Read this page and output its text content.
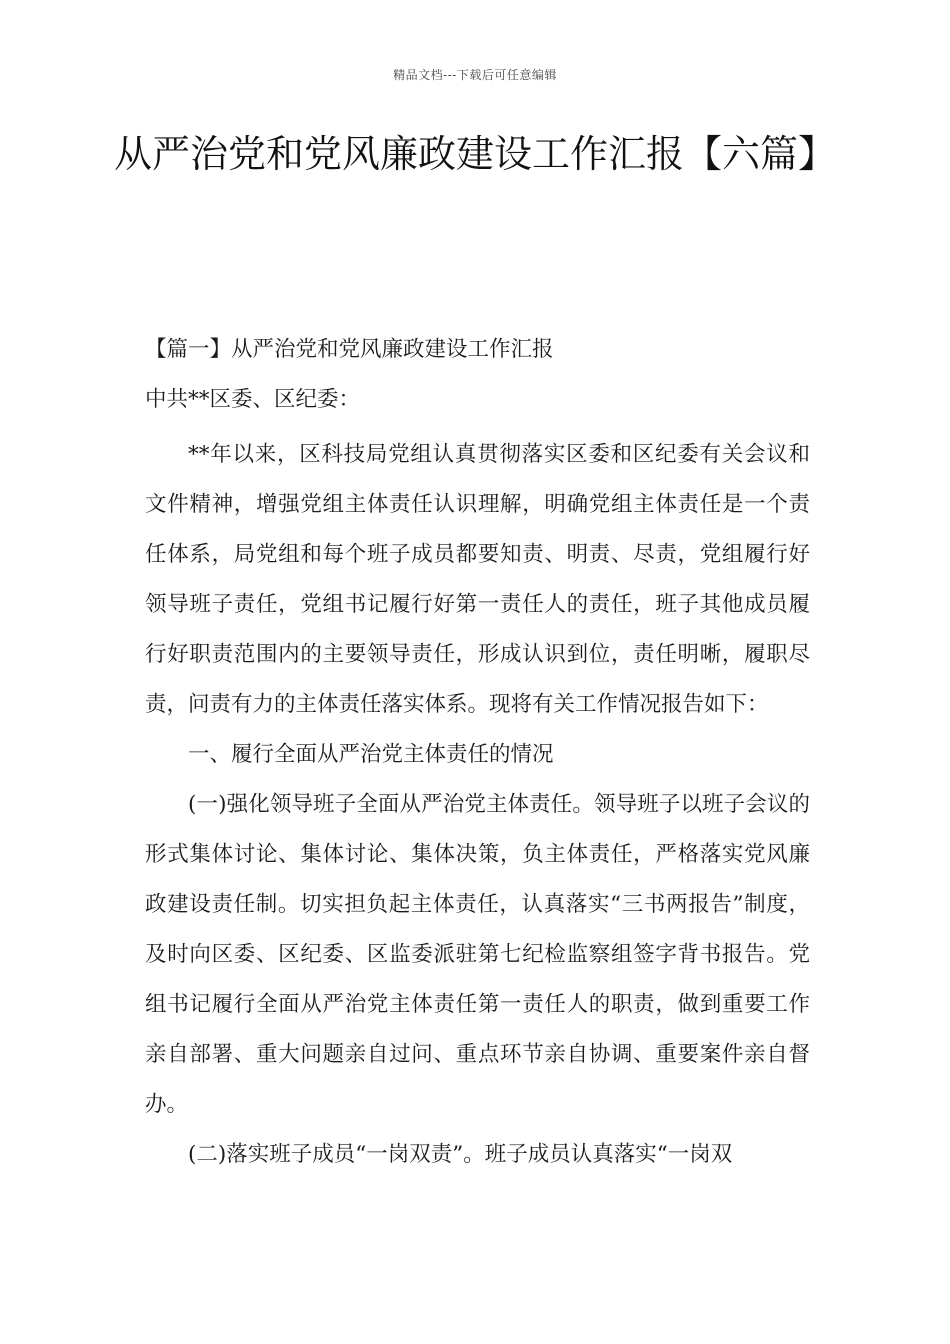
精品文档---下载后可任意编辑
从严治党和党风廉政建设工作汇报【六篇】
【篇一】从严治党和党风廉政建设工作汇报

中共**区委、区纪委：

**年以来，区科技局党组认真贯彻落实区委和区纪委有关会议和文件精神，增强党组主体责任认识理解，明确党组主体责任是一个责任体系，局党组和每个班子成员都要知责、明责、尽责，党组履行好领导班子责任，党组书记履行好第一责任人的责任，班子其他成员履行好职责范围内的主要领导责任，形成认识到位，责任明晰，履职尽责，问责有力的主体责任落实体系。现将有关工作情况报告如下：

一、履行全面从严治党主体责任的情况

(一)强化领导班子全面从严治党主体责任。领导班子以班子会议的形式集体讨论、集体讨论、集体决策，负主体责任，严格落实党风廉政建设责任制。切实担负起主体责任，认真落实“三书两报告”制度，及时向区委、区纪委、区监委派驻第七纪检监察组签字背书报告。党组书记履行全面从严治党主体责任第一责任人的职责，做到重要工作亲自部署、重大问题亲自过问、重点环节亲自协调、重要案件亲自督办。

(二)落实班子成员“一岗双责”。班子成员认真落实“一岗双
